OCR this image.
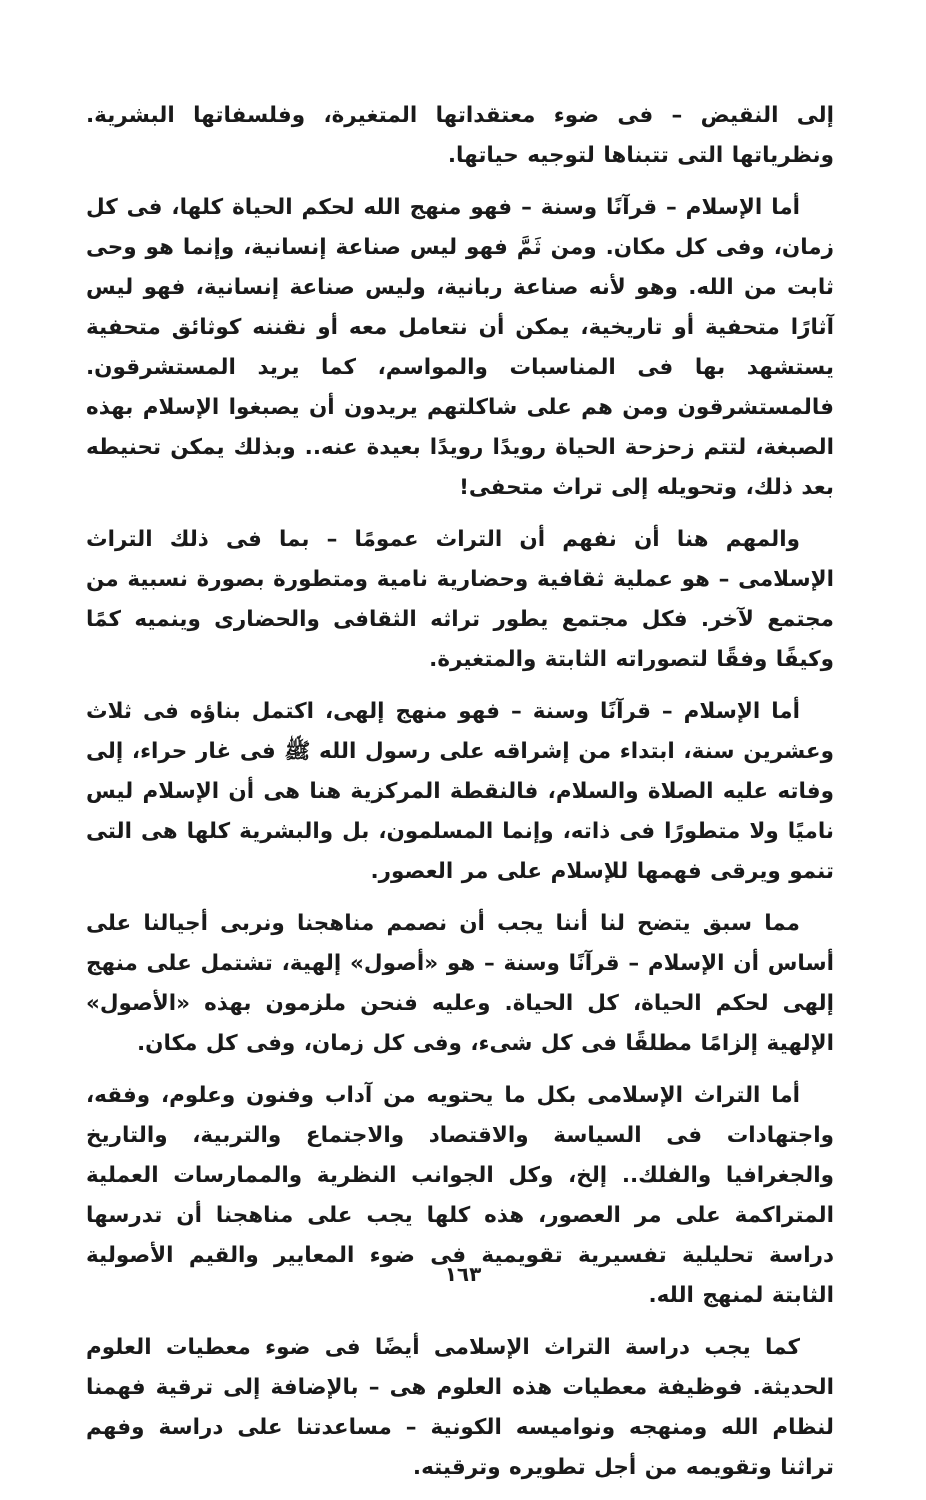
إلى النقيض – فى ضوء معتقداتها المتغيرة، وفلسفاتها البشرية. ونظرياتها التى تتبناها لتوجيه حياتها.

أما الإسلام – قرآنًا وسنة – فهو منهج الله لحكم الحياة كلها، فى كل زمان، وفى كل مكان. ومن ثَمَّ فهو ليس صناعة إنسانية، وإنما هو وحى ثابت من الله. وهو لأنه صناعة ربانية، وليس صناعة إنسانية، فهو ليس آثارًا متحفية أو تاريخية، يمكن أن نتعامل معه أو نقننه كوثائق متحفية يستشهد بها فى المناسبات والمواسم، كما يريد المستشرقون. فالمستشرقون ومن هم على شاكلتهم يريدون أن يصبغوا الإسلام بهذه الصبغة، لتتم زحزحة الحياة رويدًا رويدًا بعيدة عنه.. وبذلك يمكن تحنيطه بعد ذلك، وتحويله إلى تراث متحفى!

والمهم هنا أن نفهم أن التراث عمومًا – بما فى ذلك التراث الإسلامى – هو عملية ثقافية وحضارية نامية ومتطورة بصورة نسبية من مجتمع لآخر. فكل مجتمع يطور تراثه الثقافى والحضارى وينميه كمًا وكيفًا وفقًا لتصوراته الثابتة والمتغيرة.

أما الإسلام – قرآنًا وسنة – فهو منهج إلهى، اكتمل بناؤه فى ثلاث وعشرين سنة، ابتداء من إشراقه على رسول الله ﷺ فى غار حراء، إلى وفاته عليه الصلاة والسلام، فالنقطة المركزية هنا هى أن الإسلام ليس ناميًا ولا متطورًا فى ذاته، وإنما المسلمون، بل والبشرية كلها هى التى تنمو ويرقى فهمها للإسلام على مر العصور.

مما سبق يتضح لنا أننا يجب أن نصمم مناهجنا ونربى أجيالنا على أساس أن الإسلام – قرآنًا وسنة – هو «أصول» إلهية، تشتمل على منهج إلهى لحكم الحياة، كل الحياة. وعليه فنحن ملزمون بهذه «الأصول» الإلهية إلزامًا مطلقًا فى كل شىء، وفى كل زمان، وفى كل مكان.

أما التراث الإسلامى بكل ما يحتويه من آداب وفنون وعلوم، وفقه، واجتهادات فى السياسة والاقتصاد والاجتماع والتربية، والتاريخ والجغرافيا والفلك.. إلخ، وكل الجوانب النظرية والممارسات العملية المتراكمة على مر العصور، هذه كلها يجب على مناهجنا أن تدرسها دراسة تحليلية تفسيرية تقويمية فى ضوء المعايير والقيم الأصولية الثابتة لمنهج الله.

كما يجب دراسة التراث الإسلامى أيضًا فى ضوء معطيات العلوم الحديثة. فوظيفة معطيات هذه العلوم هى – بالإضافة إلى ترقية فهمنا لنظام الله ومنهجه ونواميسه الكونية – مساعدتنا على دراسة وفهم تراثنا وتقويمه من أجل تطويره وترقيته.

١٦٣
